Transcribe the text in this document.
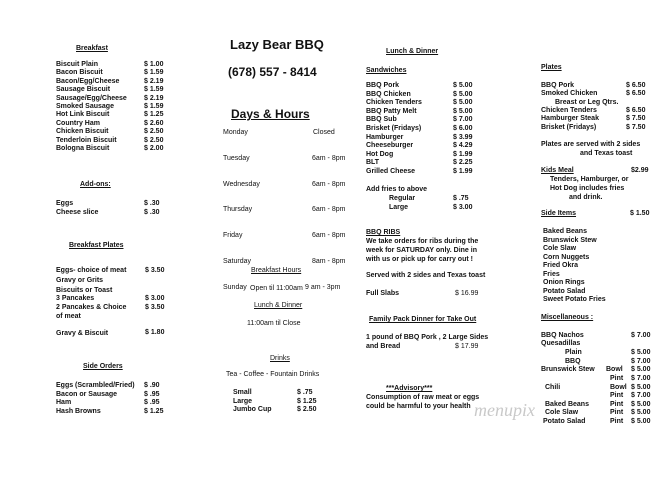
Breakfast
Biscuit Plain	$ 1.00
Bacon Biscuit	$ 1.59
Bacon/Egg/Cheese	$ 2.19
Sausage Biscuit	$ 1.59
Sausage/Egg/Cheese $ 2.19
Smoked Sausage	$ 1.59
Hot Link Biscuit	$ 1.25
Country Ham	$ 2.60
Chicken Biscuit	$ 2.50
Tenderloin Biscuit	$ 2.50
Bologna Biscuit	$ 2.00
Add-ons:
Eggs	$ .30
Cheese slice	$ .30
Breakfast Plates
Eggs- choice of meat	$ 3.50
Gravy or Grits
Biscuits or Toast
3 Pancakes	$ 3.00
2 Pancakes & Choice	$ 3.50
of meat
Gravy & Biscuit	$ 1.80
Side Orders
Eggs (Scrambled/Fried) $ .90
Bacon or Sausage	$ .95
Ham	$ .95
Hash Browns	$ 1.25
Lazy Bear BBQ
(678) 557 - 8414
Days & Hours
Monday	Closed
Tuesday	6am - 8pm
Wednesday	6am - 8pm
Thursday	6am - 8pm
Friday	6am - 8pm
Saturday	8am - 8pm
Sunday	9 am - 3pm
Breakfast Hours
Open til 11:00am
Lunch & Dinner
11:00am til Close
Drinks
Tea - Coffee - Fountain Drinks
Small	$ .75
Large	$ 1.25
Jumbo Cup	$ 2.50
Lunch & Dinner
Sandwiches
BBQ Pork	$ 5.00
BBQ Chicken	$ 5.00
Chicken Tenders	$ 5.00
BBQ Patty Melt	$ 5.00
BBQ Sub	$ 7.00
Brisket (Fridays)	$ 6.00
Hamburger	$ 3.99
Cheeseburger	$ 4.29
Hot Dog	$ 1.99
BLT	$ 2.25
Grilled Cheese	$ 1.99
Add fries to above
Regular	$ .75
Large	$ 3.00
BBQ RIBS
We take orders for ribs during the
week for SATURDAY only. Dine in
with us or pick up for carry out !
Served with 2 sides and Texas toast
Full Slabs	$ 16.99
Family Pack Dinner for Take Out
1 pound of BBQ Pork , 2 Large Sides
and Bread	$ 17.99
***Advisory***
Consumption of raw meat or eggs
could be harmful to your health
Plates
BBQ Pork	$ 6.50
Smoked Chicken	$ 6.50
Breast or Leg Qtrs.
Chicken Tenders	$ 6.50
Hamburger Steak	$ 7.50
Brisket (Fridays)	$ 7.50
Plates are served with 2 sides
and Texas toast
Kids Meal	$2.99
Tenders, Hamburger, or
Hot Dog includes fries
and drink.
Side Items	$ 1.50
Baked Beans
Brunswick Stew
Cole Slaw
Corn Nuggets
Fried Okra
Fries
Onion Rings
Potato Salad
Sweet Potato Fries
Miscellaneous :
BBQ Nachos	$ 7.00
Quesadillas
Plain	$ 5.00
BBQ	$ 7.00
Brunswick Stew Bowl $ 5.00
Pint $ 7.00
Chili	Bowl $ 5.00
Pint $ 7.00
Baked Beans	Pint $ 5.00
Cole Slaw	Pint $ 5.00
Potato Salad	Pint $ 5.00
menupix
